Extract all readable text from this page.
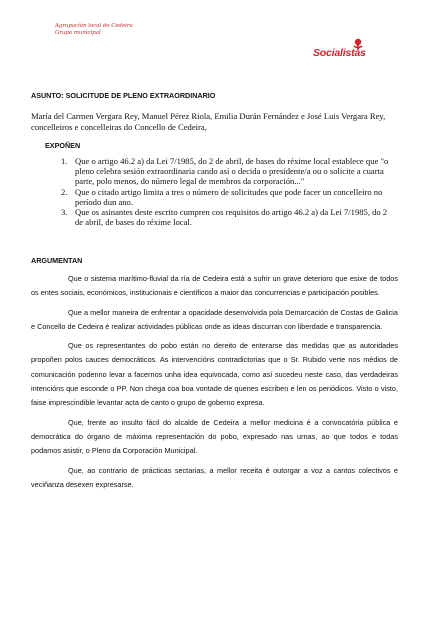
Agrupación local de Cedeira
Grupo municipal
Socialistas
ASUNTO: SOLICITUDE DE PLENO EXTRAORDINARIO
María del Carmen Vergara Rey, Manuel Pérez Riola, Emilia Durán Fernández e José Luis Vergara Rey, concelleiros e concelleiras do Concello de Cedeira,
EXPOÑEN
1. Que o artigo 46.2 a) da Lei 7/1985, do 2 de abril, de bases do réxime local establece que "o pleno celebra sesión extraordinaria cando así o decida o presidente/a ou o solicite a cuarta parte, polo menos, do número legal de membros da corporación..."
2. Que o citado artigo limita a tres o número de solicitudes que pode facer un concelleiro no período dun ano.
3. Que os asinantes deste escrito cumpren cos requisitos do artigo 46.2 a) da Lei 7/1985, do 2 de abril, de bases do réxime local.
ARGUMENTAN

Que o sistema marítimo-fluvial da ría de Cedeira está a sufrir un grave deterioro que esixe de todos os entes sociais, económicos, institucionais e científicos a maior das concurrencias e participación posibles.

Que a mellor maneira de enfrentar a opacidade desenvolvida pola Demarcación de Costas de Galicia e Concello de Cedeira é realizar actividades públicas onde as ideas discurran con liberdade e transparencia.

Que os representantes do pobo están no dereito de enterarse das medidas que as autoridades propoñen polos cauces democráticos. As intervencións contradictorias que o Sr. Rubido verte nos médios de comunicación podenno levar a facernos unha idea equivocada, como así sucedeu neste caso, das verdadeiras intencións que esconde o PP. Non chega coa boa vontade de quenes escriben e len os periódicos. Visto o visto, faise imprescindible levantar acta de canto o grupo de goberno expresa.

Que, frente ao insulto fácil do alcalde de Cedeira a mellor medicina é a convocatória pública e democrática do órgano de máxima representación do pobo, expresado nas urnas, ao que todos e todas podamos asistir, o Pleno da Corporación Municipal.

Que, ao contrario de prácticas sectarias, a mellor receita é outorgar a voz a cantos colectivos e veciñanza desexen expresarse.
